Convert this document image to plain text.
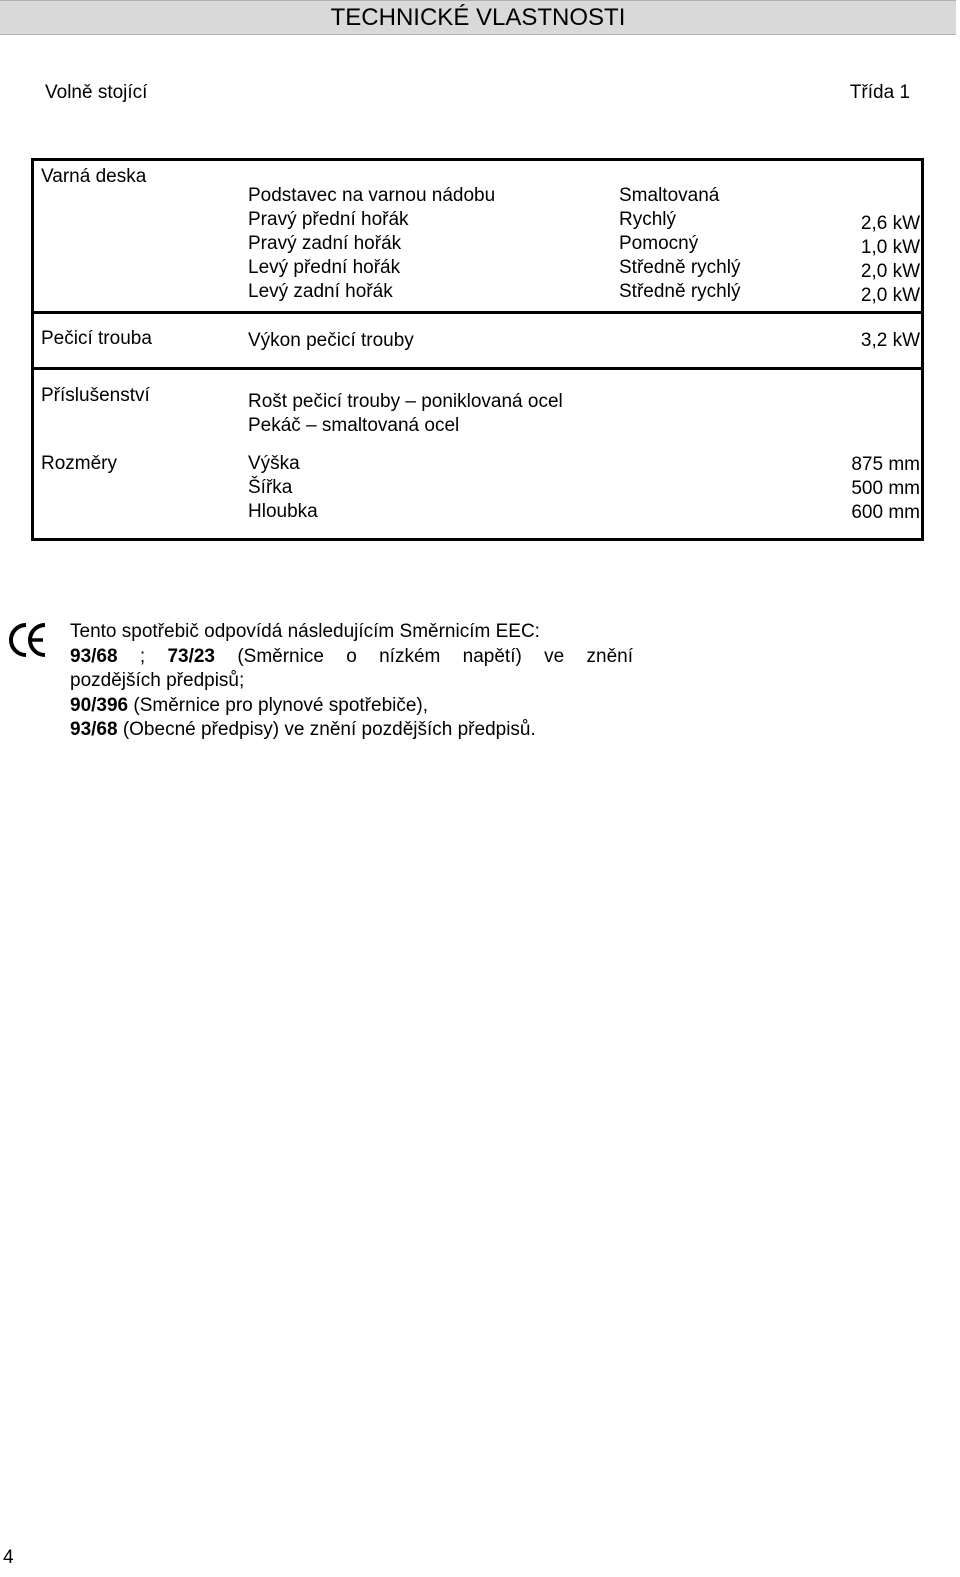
TECHNICKÉ VLASTNOSTI
Volně stojící	Třída 1
Varná deska
Podstavec na varnou nádobu	Smaltovaná
Pravý přední hořák	Rychlý	2,6 kW
Pravý zadní hořák	Pomocný	1,0 kW
Levý přední hořák	Středně rychlý	2,0 kW
Levý zadní hořák	Středně rychlý	2,0 kW
Pečicí trouba	Výkon pečicí trouby	3,2 kW
Příslušenství	Rošt pečicí trouby – poniklovaná ocel
Pekáč – smaltovaná ocel
Rozměry	Výška	875 mm
Šířka	500 mm
Hloubka	600 mm
Tento spotřebič odpovídá následujícím Směrnicím EEC:
93/68 ; 73/23 (Směrnice o nízkém napětí) ve znění
pozdějších předpisů;
90/396 (Směrnice pro plynové spotřebiče),
93/68 (Obecné předpisy) ve znění pozdějších předpisů.
4
